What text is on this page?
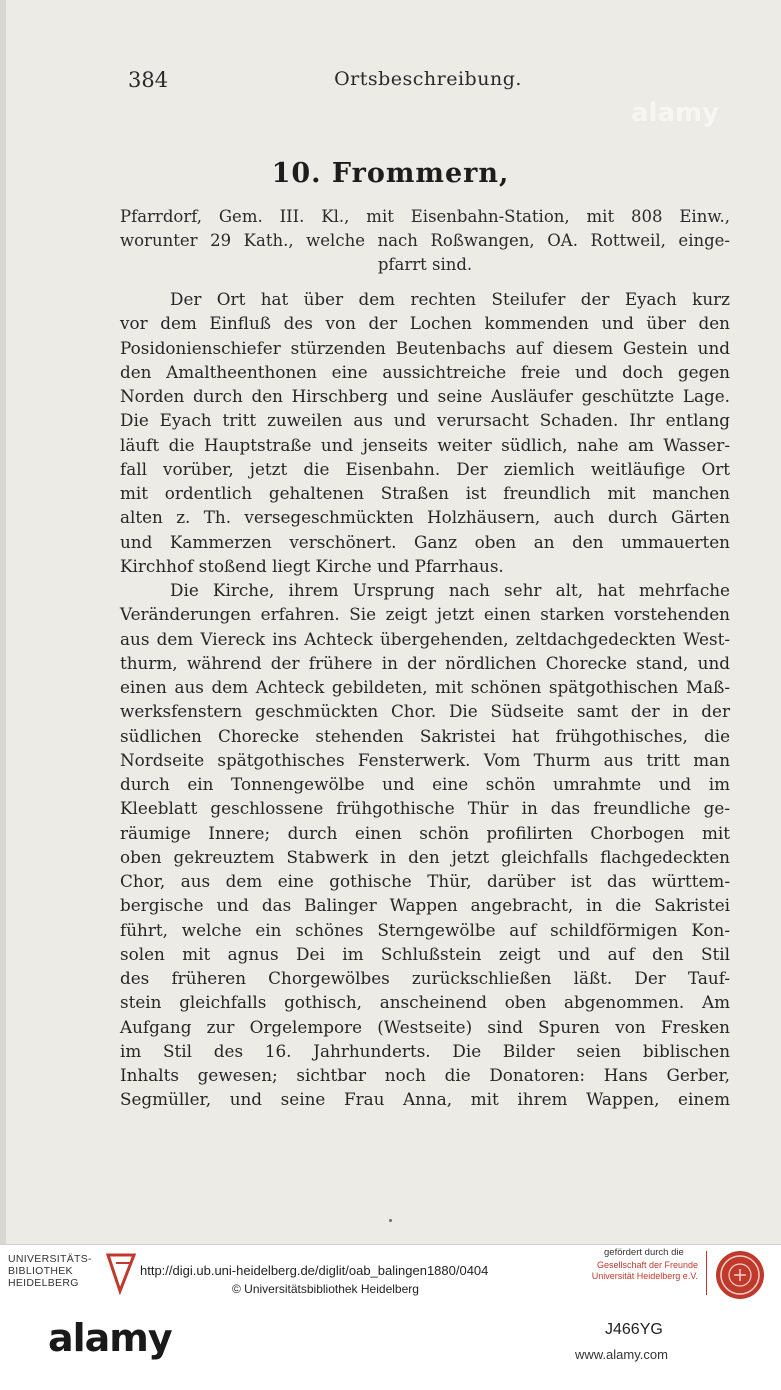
384	Ortsbeschreibung.
alamy
10. Frommern,
Pfarrdorf, Gem. III. Kl., mit Eisenbahn-Station, mit 808 Einw.,
worunter 29 Kath., welche nach Roßwangen, OA. Rottweil, einge-
pfarrt sind.
Der Ort hat über dem rechten Steilufer der Eyach kurz
vor dem Einfluß des von der Lochen kommenden und über den
Posidonienschiefer stürzenden Beutenbachs auf diesem Gestein und
den Amaltheenthonen eine aussichtreiche freie und doch gegen
Norden durch den Hirschberg und seine Ausläufer geschützte Lage.
Die Eyach tritt zuweilen aus und verursacht Schaden. Ihr entlang
läuft die Hauptstraße und jenseits weiter südlich, nahe am Wasser-
fall vorüber, jetzt die Eisenbahn. Der ziemlich weitläufige Ort
mit ordentlich gehaltenen Straßen ist freundlich mit manchen
alten z. Th. versegeschmückten Holzhäusern, auch durch Gärten
und Kammerzen verschönert. Ganz oben an den ummauerten
Kirchhof stoßend liegt Kirche und Pfarrhaus.
Die Kirche, ihrem Ursprung nach sehr alt, hat mehrfache
Veränderungen erfahren. Sie zeigt jetzt einen starken vorstehenden
aus dem Viereck ins Achteck übergehenden, zeltdachgedeckten West-
thurm, während der frühere in der nördlichen Chorecke stand, und
einen aus dem Achteck gebildeten, mit schönen spätgothischen Maß-
werksfenstern geschmückten Chor. Die Südseite samt der in der
südlichen Chorecke stehenden Sakristei hat frühgothisches, die
Nordseite spätgothisches Fensterwerk. Vom Thurm aus tritt man
durch ein Tonnengewölbe und eine schön umrahmte und im
Kleeblatt geschlossene frühgothische Thür in das freundliche ge-
räumige Innere; durch einen schön profilirten Chorbogen mit
oben gekreuztem Stabwerk in den jetzt gleichfalls flachgedeckten
Chor, aus dem eine gothische Thür, darüber ist das württem-
bergische und das Balinger Wappen angebracht, in die Sakristei
führt, welche ein schönes Sterngewölbe auf schildförmigen Kon-
solen mit agnus Dei im Schlußstein zeigt und auf den Stil
des früheren Chorgewölbes zurückschließen läßt. Der Tauf-
stein gleichfalls gothisch, anscheinend oben abgenommen. Am
Aufgang zur Orgelempore (Westseite) sind Spuren von Fresken
im Stil des 16. Jahrhunderts. Die Bilder seien biblischen
Inhalts gewesen; sichtbar noch die Donatoren: Hans Gerber,
Segmüller, und seine Frau Anna, mit ihrem Wappen, einem
UNIVERSITÄTS-
BIBLIOTHEK
HEIDELBERG
http://digi.ub.uni-heidelberg.de/diglit/oab_balingen1880/0404
© Universitätsbibliothek Heidelberg
gefördert durch die
Gesellschaft der Freunde
Universität Heidelberg e.V.
alamy	J466YG
www.alamy.com
